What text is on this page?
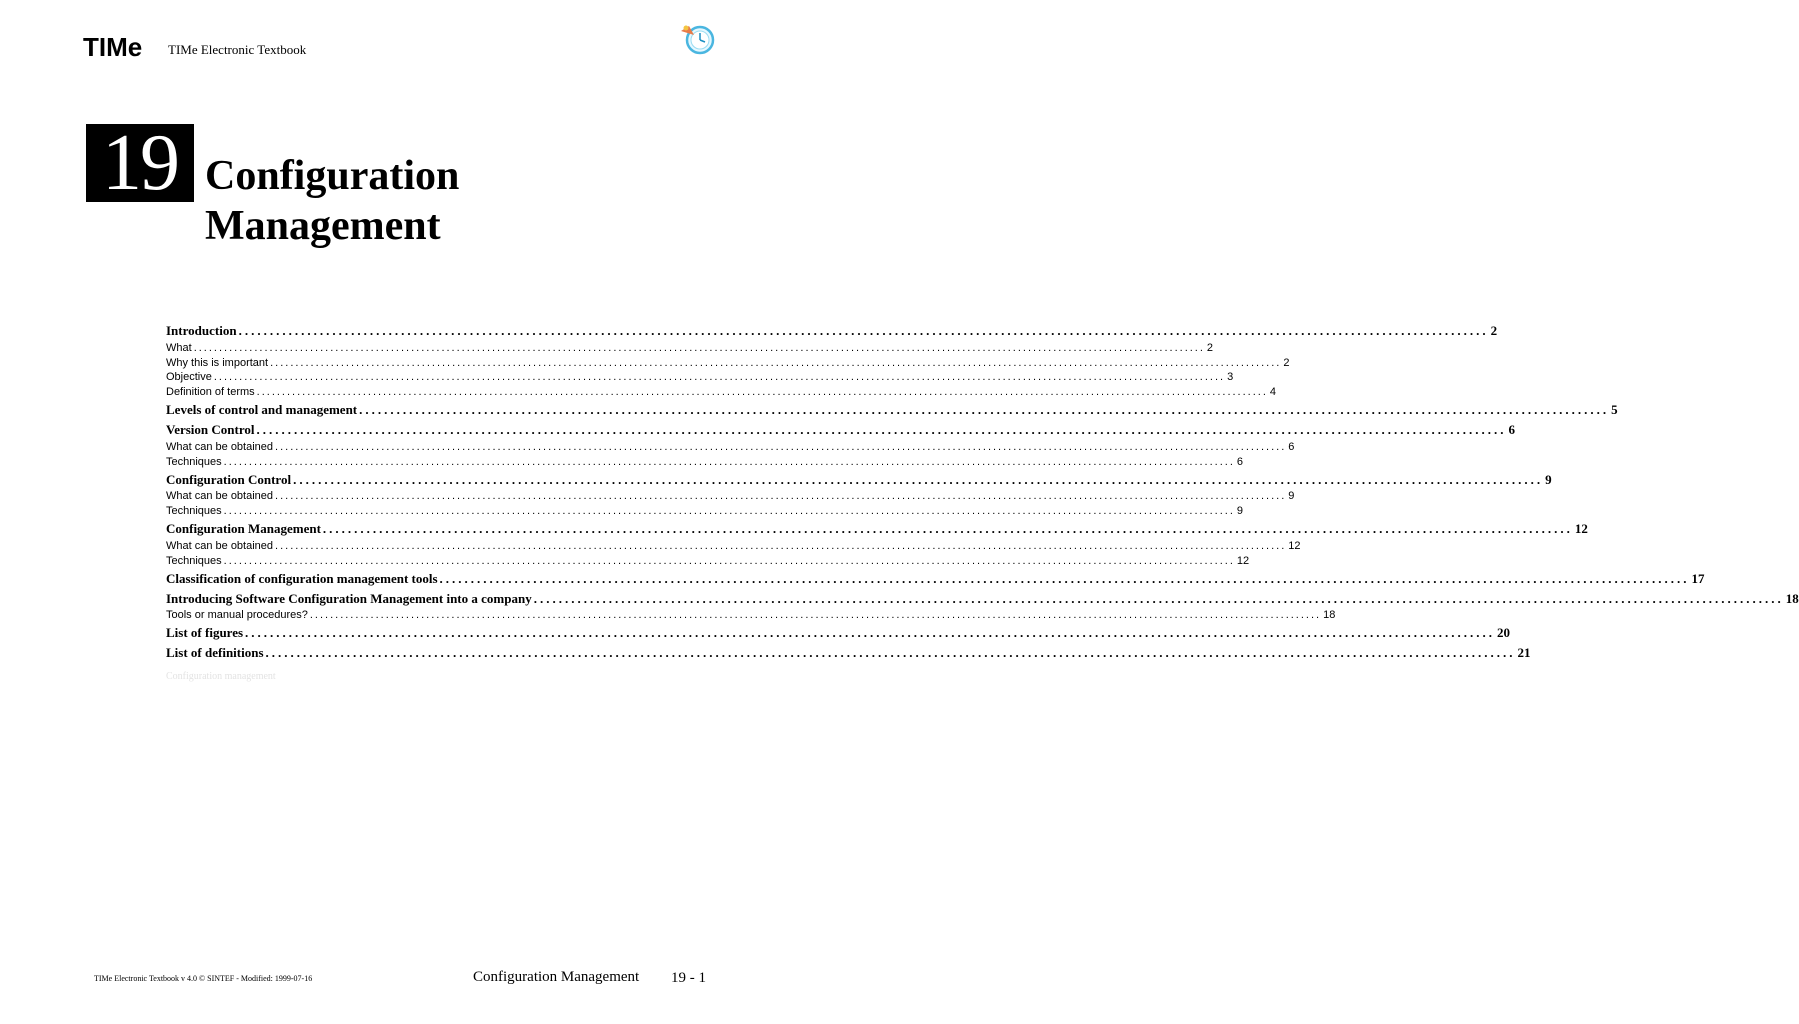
TIMe TIMe Electronic Textbook
19 Configuration
Management
Introduction ........................................................................................................................................................................................................ 2
What ........................................................................................................................................................................................................ 2
Why this is important ........................................................................................................................................................................................................ 2
Objective ........................................................................................................................................................................................................ 3
Definition of terms ........................................................................................................................................................................................................ 4
Levels of control and management ........................................................................................................................................................................................................ 5
Version Control ........................................................................................................................................................................................................ 6
What can be obtained ........................................................................................................................................................................................................ 6
Techniques ........................................................................................................................................................................................................ 6
Configuration Control ........................................................................................................................................................................................................ 9
What can be obtained ........................................................................................................................................................................................................ 9
Techniques ........................................................................................................................................................................................................ 9
Configuration Management ........................................................................................................................................................................................................ 12
What can be obtained ........................................................................................................................................................................................................ 12
Techniques ........................................................................................................................................................................................................ 12
Classification of configuration management tools ........................................................................................................................................................................................................ 17
Introducing Software Configuration Management into a company ........................................................................................................................................................................................................ 18
Tools or manual procedures? ........................................................................................................................................................................................................ 18
List of figures ........................................................................................................................................................................................................ 20
List of definitions ........................................................................................................................................................................................................ 21
Configuration management
TIMe Electronic Textbook v 4.0 © SINTEF - Modified: 1999-07-16	Configuration Management 19 - 1
